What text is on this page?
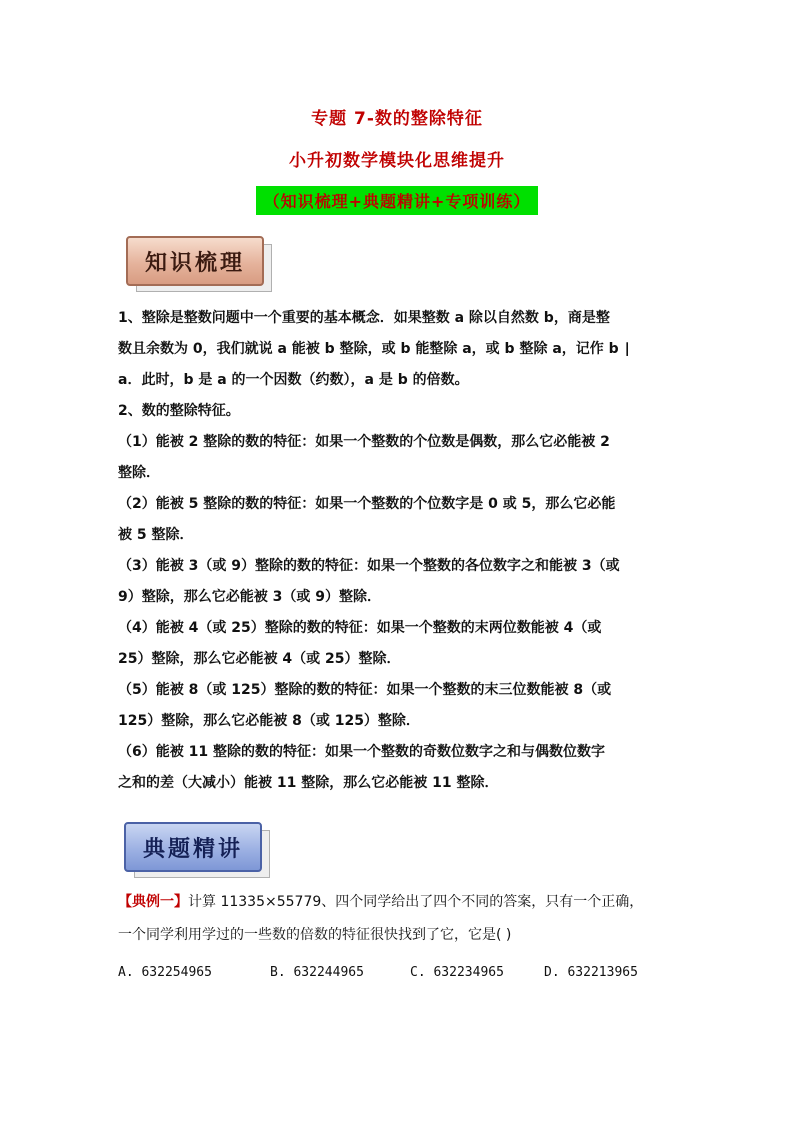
专题 7-数的整除特征
小升初数学模块化思维提升
（知识梳理+典题精讲+专项训练）
知识梳理

1、整除是整数问题中一个重要的基本概念．如果整数 a 除以自然数 b，商是整

数且余数为 0，我们就说 a 能被 b 整除，或 b 能整除 a，或 b 整除 a，记作 b ∣

a．此时，b 是 a 的一个因数（约数），a 是 b 的倍数。

2、数的整除特征。

（1）能被 2 整除的数的特征：如果一个整数的个位数是偶数，那么它必能被 2

整除．

（2）能被 5 整除的数的特征：如果一个整数的个位数字是 0 或 5，那么它必能

被 5 整除．

（3）能被 3（或 9）整除的数的特征：如果一个整数的各位数字之和能被 3（或

9）整除，那么它必能被 3（或 9）整除．

（4）能被 4（或 25）整除的数的特征：如果一个整数的末两位数能被 4（或

25）整除，那么它必能被 4（或 25）整除．

（5）能被 8（或 125）整除的数的特征：如果一个整数的末三位数能被 8（或

125）整除，那么它必能被 8（或 125）整除．

（6）能被 11 整除的数的特征：如果一个整数的奇数位数字之和与偶数位数字

之和的差（大减小）能被 11 整除，那么它必能被 11 整除．

典题精讲

【典例一】计算 11335×55779、四个同学给出了四个不同的答案，只有一个正确，

一个同学利用学过的一些数的倍数的特征很快找到了它，它是( )

A. 632254965	B. 632244965	C. 632234965	D. 632213965
